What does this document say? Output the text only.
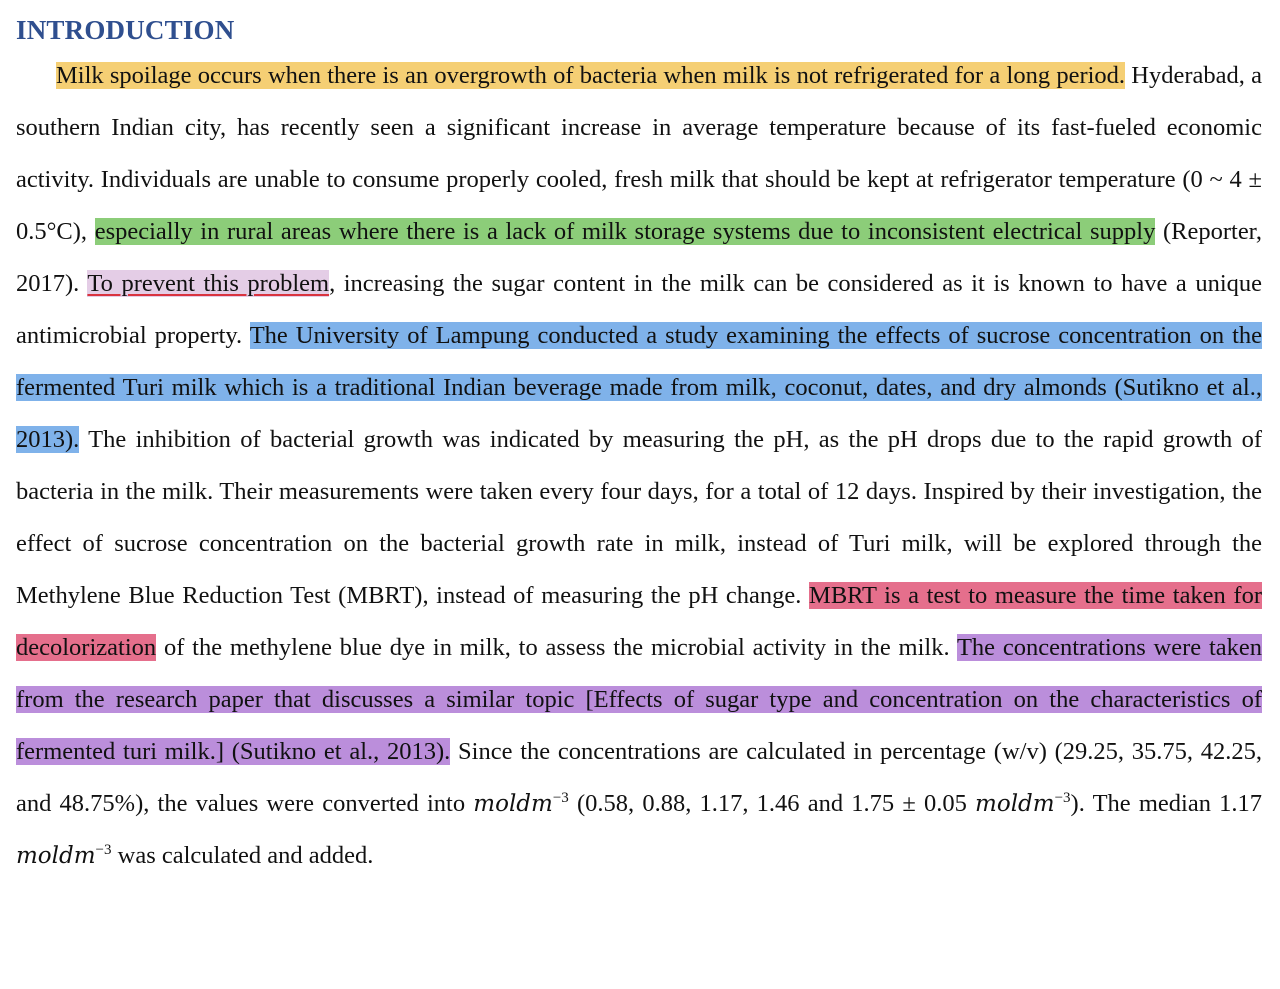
INTRODUCTION

Milk spoilage occurs when there is an overgrowth of bacteria when milk is not refrigerated for a long period. Hyderabad, a southern Indian city, has recently seen a significant increase in average temperature because of its fast-fueled economic activity. Individuals are unable to consume properly cooled, fresh milk that should be kept at refrigerator temperature (0 ~ 4 ± 0.5°C), especially in rural areas where there is a lack of milk storage systems due to inconsistent electrical supply (Reporter, 2017). To prevent this problem, increasing the sugar content in the milk can be considered as it is known to have a unique antimicrobial property. The University of Lampung conducted a study examining the effects of sucrose concentration on the fermented Turi milk which is a traditional Indian beverage made from milk, coconut, dates, and dry almonds (Sutikno et al., 2013). The inhibition of bacterial growth was indicated by measuring the pH, as the pH drops due to the rapid growth of bacteria in the milk. Their measurements were taken every four days, for a total of 12 days. Inspired by their investigation, the effect of sucrose concentration on the bacterial growth rate in milk, instead of Turi milk, will be explored through the Methylene Blue Reduction Test (MBRT), instead of measuring the pH change. MBRT is a test to measure the time taken for decolorization of the methylene blue dye in milk, to assess the microbial activity in the milk. The concentrations were taken from the research paper that discusses a similar topic [Effects of sugar type and concentration on the characteristics of fermented turi milk.] (Sutikno et al., 2013). Since the concentrations are calculated in percentage (w/v) (29.25, 35.75, 42.25, and 48.75%), the values were converted into moldm$^{-3}$ (0.58, 0.88, 1.17, 1.46 and 1.75 ± 0.05 moldm$^{-3}$). The median 1.17 moldm$^{-3}$ was calculated and added.
